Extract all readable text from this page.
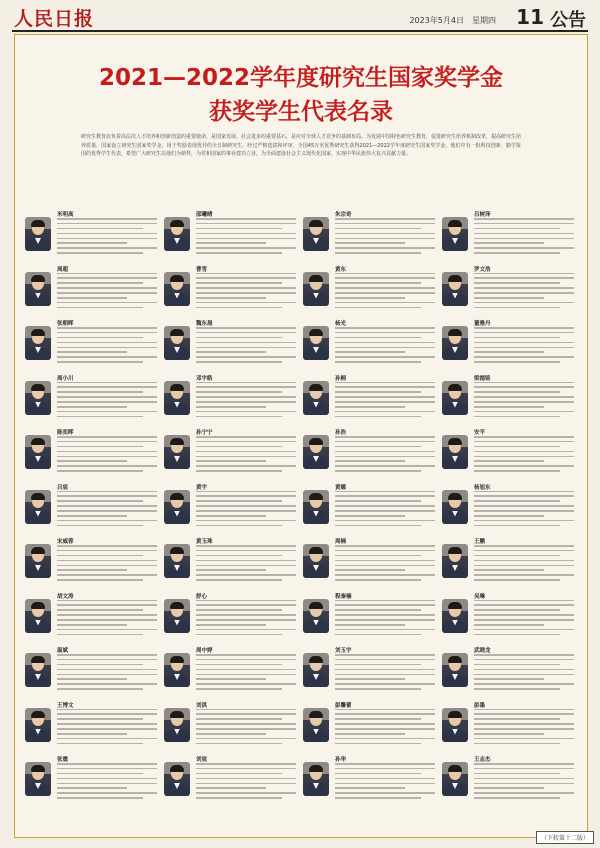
人民日报	2023年5月4日　星期四 11 公告
2021—2022学年度研究生国家奖学金
获奖学生代表名录
研究生教育肩负着高层次人才培养和创新创造的重要使命，是国家发展、社会进步的重要基石，是应对全球人才竞争的基础布局。为发展中国特色研究生教育，促进研究生培养机制改革，提高研究生培养质量，国家设立研究生国家奖学金，用于奖励表现优异的全日制研究生。经过严格选拔和评审，全国45万名优秀研究生获得2021—2022学年度研究生国家奖学金。他们中有一批科技创新、勤学报国的优秀学生代表，希望广大研究生以他们为榜样，为党和国家的事业建功立业，为全面建设社会主义现代化国家、实现中华民族伟大复兴贡献力量。
米明高	邵曦晴	朱宗奇	吕树泽
周超	曹雪	黄东	罗文浩
张朝晖	魏东晟	杨光	董雅丹
周小川	邓宇皓	孙桐	梁德铭
陈奕晖	孙宁宁	孙浩	安平
吕宸	黄宇	黄娜	杨旭东
宋威蓉	黄玉珠	周楠	王鹏
胡文涛	舒心	程秦楠	吴琳
温斌	周中婷	刘玉宇	武晓龙
王博文	刘淇	彭馨蕾	彭墨
张震	刘宸	孙华	王志杰
（下转第十二版）
